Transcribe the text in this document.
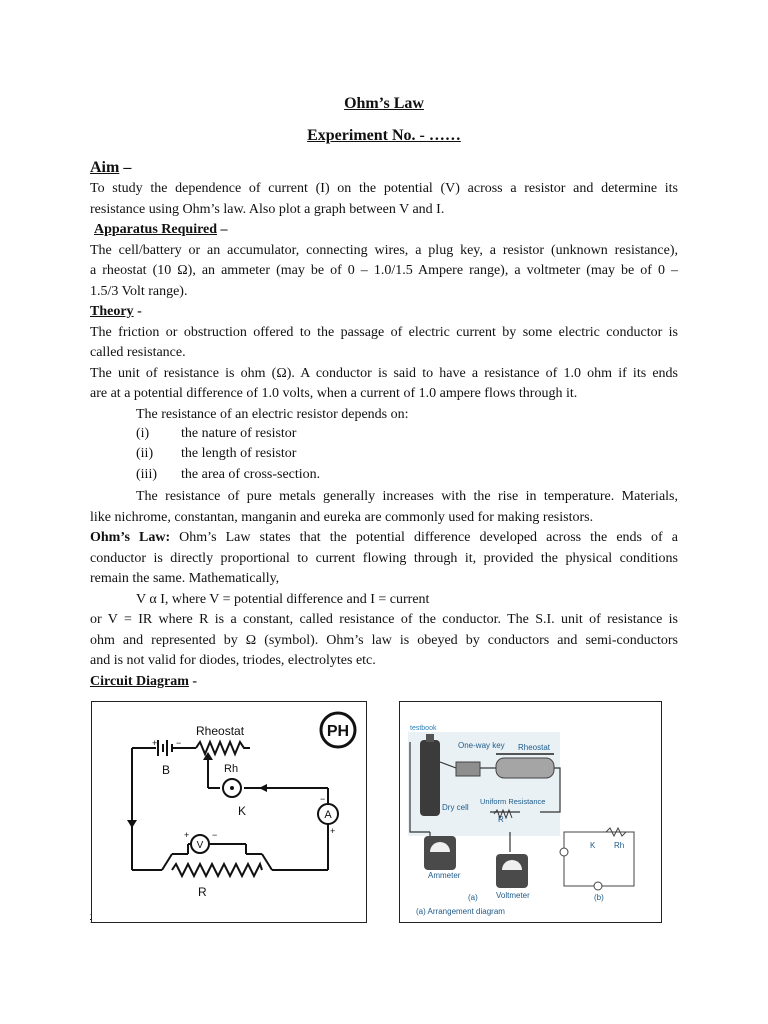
Ohm’s Law
Experiment No. - ……
Aim –
To study the dependence of current (I) on the potential (V) across a resistor and determine its
resistance using Ohm’s law. Also plot a graph between V and I.
Apparatus Required –
The cell/battery or an accumulator, connecting wires, a plug key, a resistor (unknown resistance),
a rheostat (10 Ω), an ammeter (may be of 0 – 1.0/1.5 Ampere range), a voltmeter (may be of 0 –
1.5/3 Volt range).
Theory -
The friction or obstruction offered to the passage of electric current by some electric conductor is
called resistance.
The unit of resistance is ohm (Ω). A conductor is said to have a resistance of 1.0 ohm if its ends
are at a potential difference of 1.0 volts, when a current of 1.0 ampere flows through it.
The resistance of an electric resistor depends on:
(i) the nature of resistor
(ii) the length of resistor
(iii) the area of cross-section.
The resistance of pure metals generally increases with the rise in temperature. Materials,
like nichrome, constantan, manganin and eureka are commonly used for making resistors.
Ohm’s Law: Ohm’s Law states that the potential difference developed across the ends of a
conductor is directly proportional to current flowing through it, provided the physical conditions
remain the same. Mathematically,
V α I, where V = potential difference and I = current
or V = IR where R is a constant, called resistance of the conductor. The S.I. unit of resistance is
ohm and represented by Ω (symbol). Ohm’s law is obeyed by conductors and semi-conductors
and is not valid for diodes, triodes, electrolytes etc.
Circuit Diagram -
PH
Rheostat
B	Rh
K	A
V
R
+ −
−
+
+	−
testbook
One-way key Rheostat
Dry cell
Uniform Resistance
R
Ammeter
Voltmeter
(a)	(b)
K Rh
(a) Arrangement diagram
